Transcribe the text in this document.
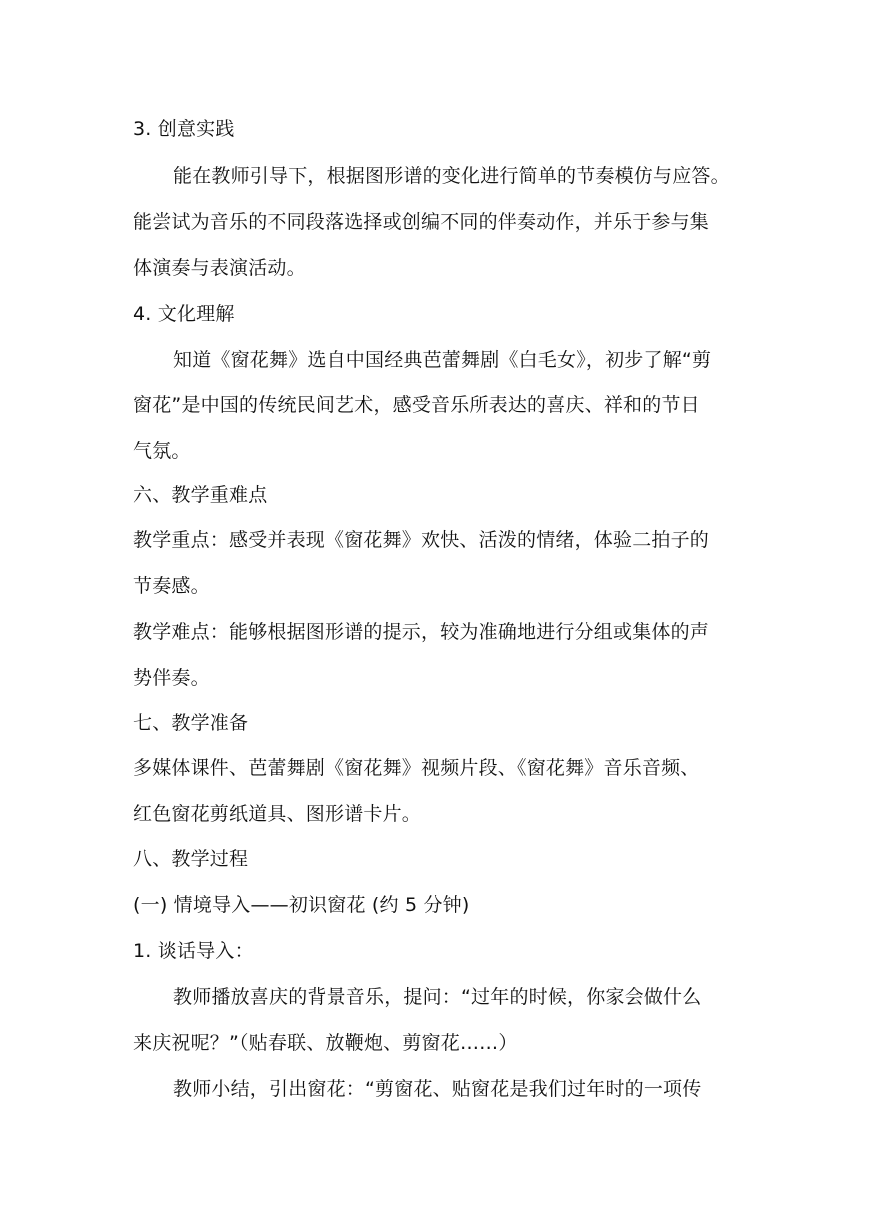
3. 创意实践
能在教师引导下，根据图形谱的变化进行简单的节奏模仿与应答。
能尝试为音乐的不同段落选择或创编不同的伴奏动作，并乐于参与集
体演奏与表演活动。
4. 文化理解
知道《窗花舞》选自中国经典芭蕾舞剧《白毛女》，初步了解“剪
窗花”是中国的传统民间艺术，感受音乐所表达的喜庆、祥和的节日
气氛。
六、教学重难点
教学重点：感受并表现《窗花舞》欢快、活泼的情绪，体验二拍子的
节奏感。
教学难点：能够根据图形谱的提示，较为准确地进行分组或集体的声
势伴奏。
七、教学准备
多媒体课件、芭蕾舞剧《窗花舞》视频片段、《窗花舞》音乐音频、
红色窗花剪纸道具、图形谱卡片。
八、教学过程
(一) 情境导入——初识窗花 (约 5 分钟)
1. 谈话导入：
教师播放喜庆的背景音乐，提问：“过年的时候，你家会做什么
来庆祝呢？”（贴春联、放鞭炮、剪窗花……）
教师小结，引出窗花：“剪窗花、贴窗花是我们过年时的一项传
